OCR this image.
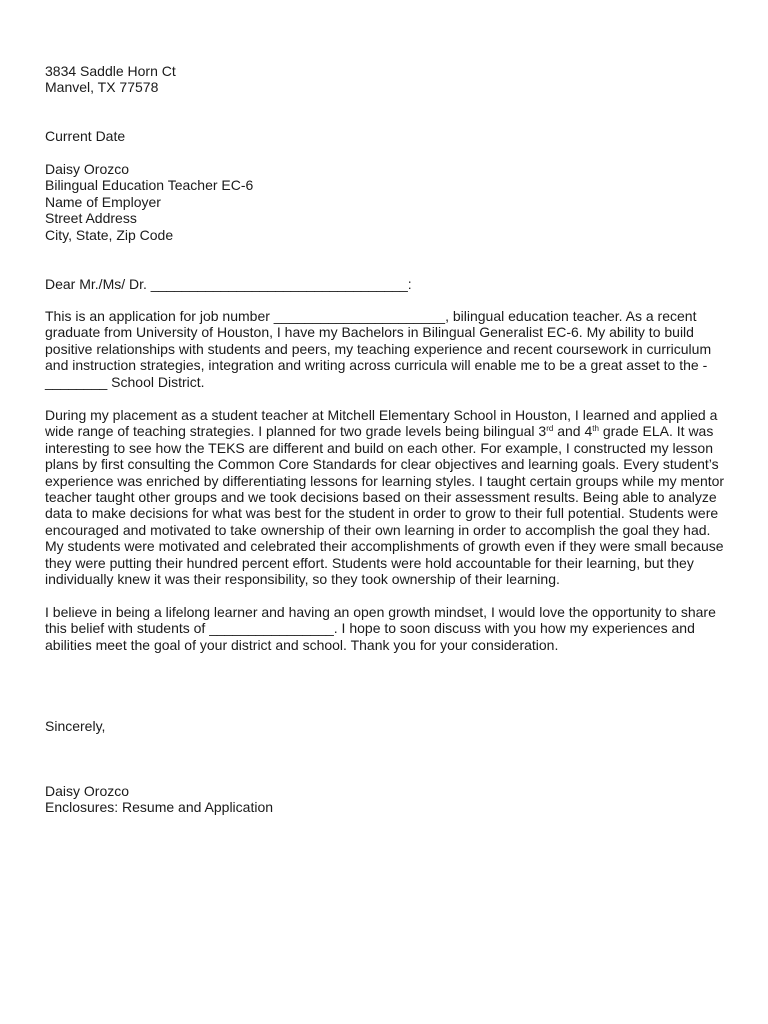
3834 Saddle Horn Ct
Manvel, TX 77578
Current Date
Daisy Orozco
Bilingual Education Teacher EC-6
Name of Employer
Street Address
City, State, Zip Code
Dear Mr./Ms/ Dr. _________________________________:
This is an application for job number ______________________, bilingual education teacher. As a recent
graduate from University of Houston, I have my Bachelors in Bilingual Generalist EC-6. My ability to build
positive relationships with students and peers, my teaching experience and recent coursework in curriculum
and instruction strategies, integration and writing across curricula will enable me to be a great asset to the -
________ School District.
During my placement as a student teacher at Mitchell Elementary School in Houston, I learned and applied a
wide range of teaching strategies. I planned for two grade levels being bilingual 3rd and 4th grade ELA. It was
interesting to see how the TEKS are different and build on each other. For example, I constructed my lesson
plans by first consulting the Common Core Standards for clear objectives and learning goals. Every student’s
experience was enriched by differentiating lessons for learning styles. I taught certain groups while my mentor
teacher taught other groups and we took decisions based on their assessment results. Being able to analyze
data to make decisions for what was best for the student in order to grow to their full potential. Students were
encouraged and motivated to take ownership of their own learning in order to accomplish the goal they had.
My students were motivated and celebrated their accomplishments of growth even if they were small because
they were putting their hundred percent effort. Students were hold accountable for their learning, but they
individually knew it was their responsibility, so they took ownership of their learning.
I believe in being a lifelong learner and having an open growth mindset, I would love the opportunity to share
this belief with students of ________________. I hope to soon discuss with you how my experiences and
abilities meet the goal of your district and school. Thank you for your consideration.
Sincerely,
Daisy Orozco
Enclosures: Resume and Application
